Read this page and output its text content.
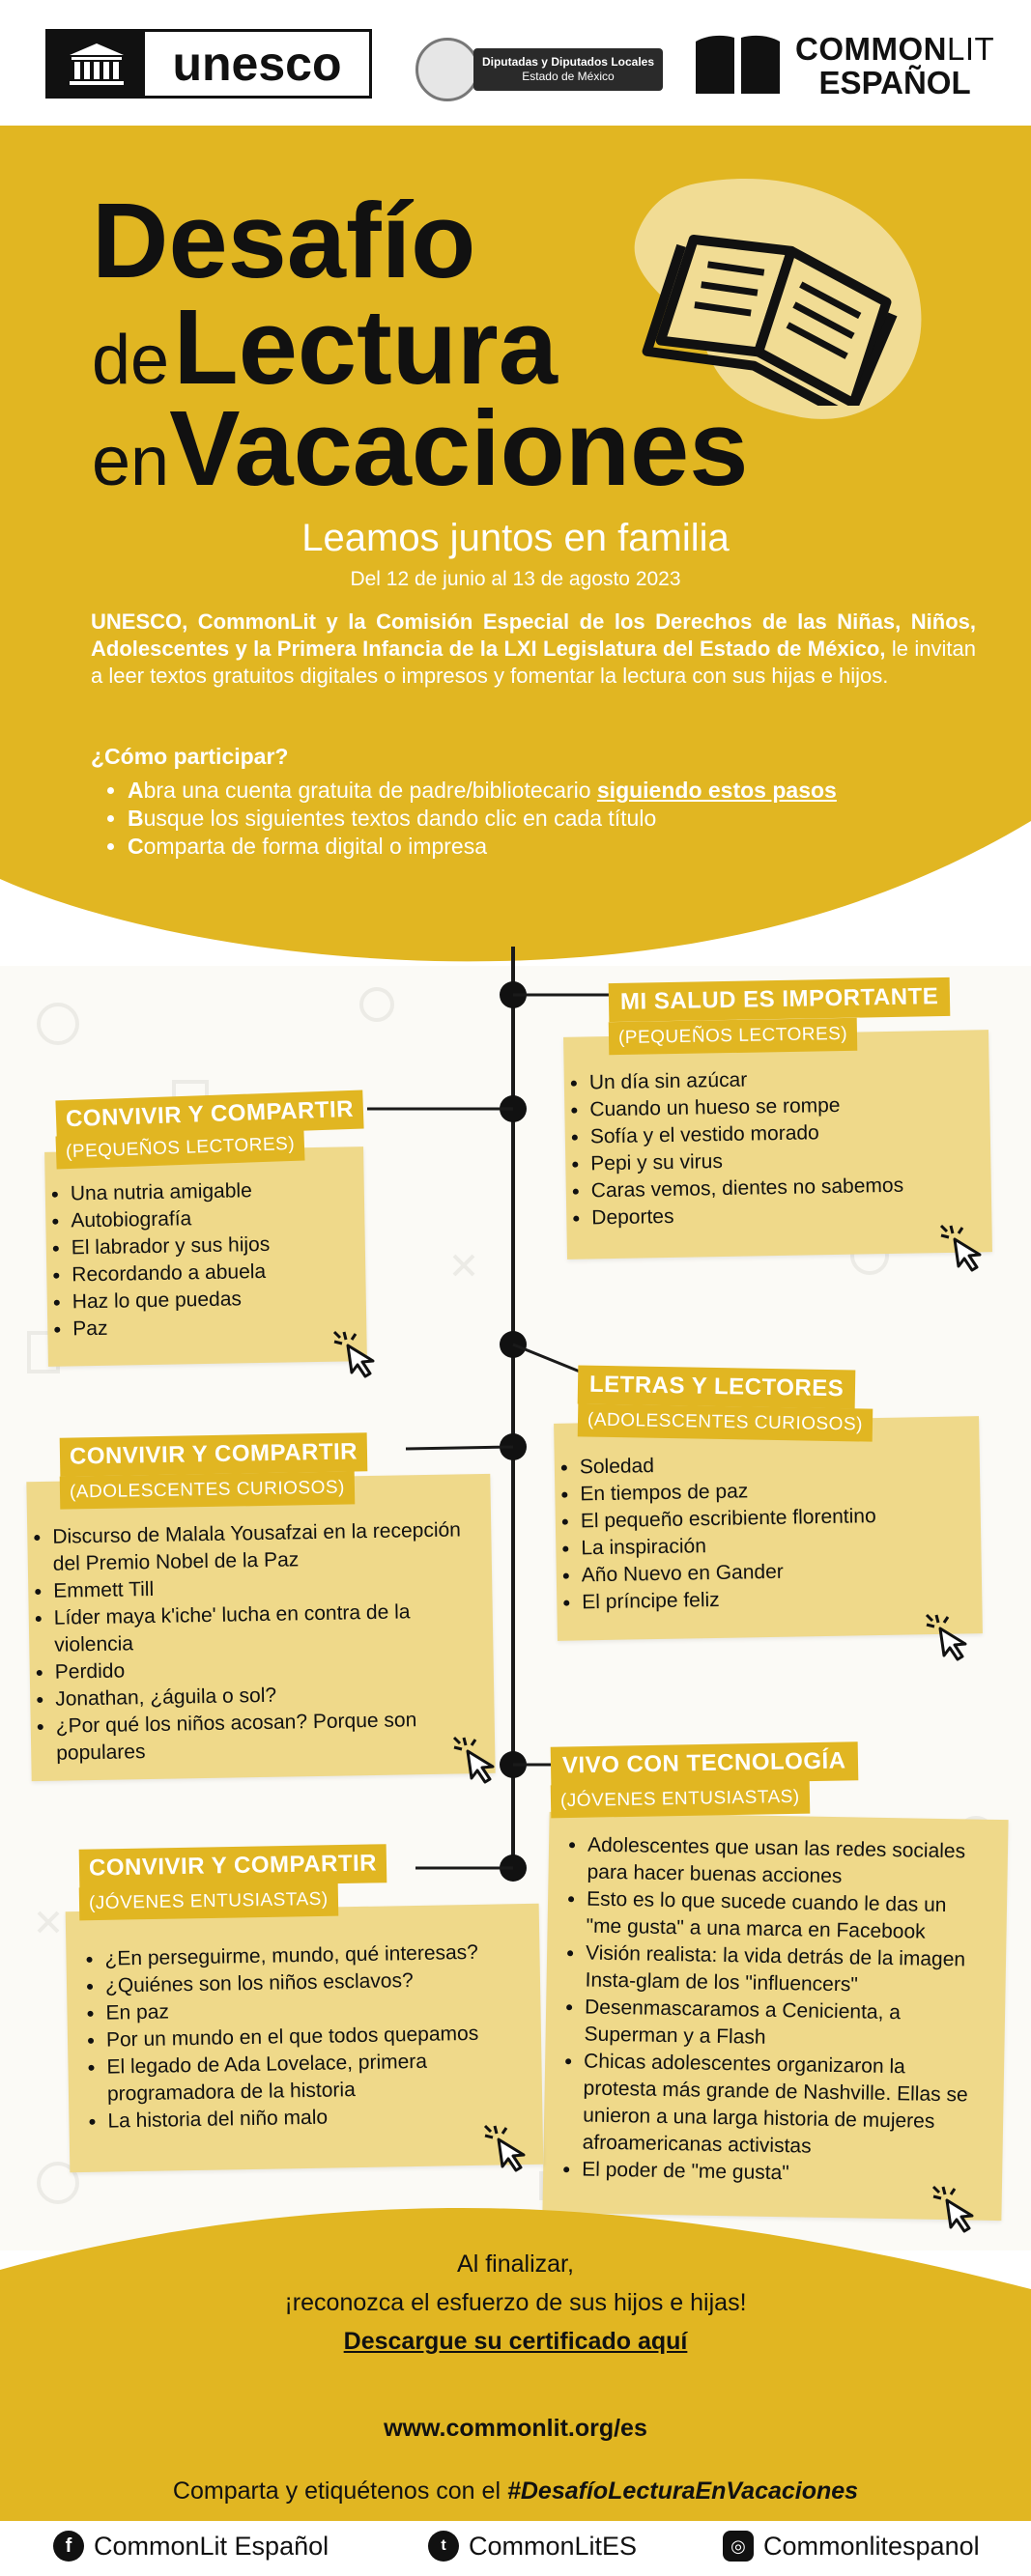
unesco	Diputadas y Diputados Locales
Estado de México
COMMONLIT
ESPAÑOL
Desafío
de Lectura
enVacaciones
Leamos juntos en familia
Del 12 de junio al 13 de agosto 2023
UNESCO, CommonLit y la Comisión Especial de los Derechos de las Niñas, Niños, Adolescentes y la Primera Infancia de la LXI Legislatura del Estado de México, le invitan a leer textos gratuitos digitales o impresos y fomentar la lectura con sus hijas e hijos.
¿Cómo participar?
• Abra una cuenta gratuita de padre/bibliotecario siguiendo estos pasos
• Busque los siguientes textos dando clic en cada título
• Comparta de forma digital o impresa
• Un día sin azúcar
• Cuando un hueso se rompe
• Sofía y el vestido morado
• Pepi y su virus
• Caras vemos, dientes no sabemos
• Deportes
MI SALUD ES IMPORTANTE
(PEQUEÑOS LECTORES)
• Una nutria amigable
• Autobiografía
• El labrador y sus hijos
• Recordando a abuela
• Haz lo que puedas
• Paz
CONVIVIR Y COMPARTIR
(PEQUEÑOS LECTORES)
• Soledad
• En tiempos de paz
• El pequeño escribiente florentino
• La inspiración
• Año Nuevo en Gander
• El príncipe feliz
LETRAS Y LECTORES
(ADOLESCENTES CURIOSOS)
• Discurso de Malala Yousafzai en la recepción del Premio Nobel de la Paz
• Emmett Till
• Líder maya k'iche' lucha en contra de la violencia
• Perdido
• Jonathan, ¿águila o sol?
• ¿Por qué los niños acosan? Porque son populares
CONVIVIR Y COMPARTIR
(ADOLESCENTES CURIOSOS)
• Adolescentes que usan las redes sociales para hacer buenas acciones
• Esto es lo que sucede cuando le das un "me gusta" a una marca en Facebook
• Visión realista: la vida detrás de la imagen Insta-glam de los "influencers"
• Desenmascaramos a Cenicienta, a Superman y a Flash
• Chicas adolescentes organizaron la protesta más grande de Nashville. Ellas se unieron a una larga historia de mujeres afroamericanas activistas
• El poder de "me gusta"
VIVO CON TECNOLOGÍA
(JÓVENES ENTUSIASTAS)
• ¿En perseguirme, mundo, qué interesas?
• ¿Quiénes son los niños esclavos?
• En paz
• Por un mundo en el que todos quepamos
• El legado de Ada Lovelace, primera programadora de la historia
• La historia del niño malo
CONVIVIR Y COMPARTIR
(JÓVENES ENTUSIASTAS)
Al finalizar,
¡reconozca el esfuerzo de sus hijos e hijas!
Descargue su certificado aquí
www.commonlit.org/es
Comparta y etiquétenos con el #DesafíoLecturaEnVacaciones
f CommonLit Español	t CommonLitES	◎ Commonlitespanol
